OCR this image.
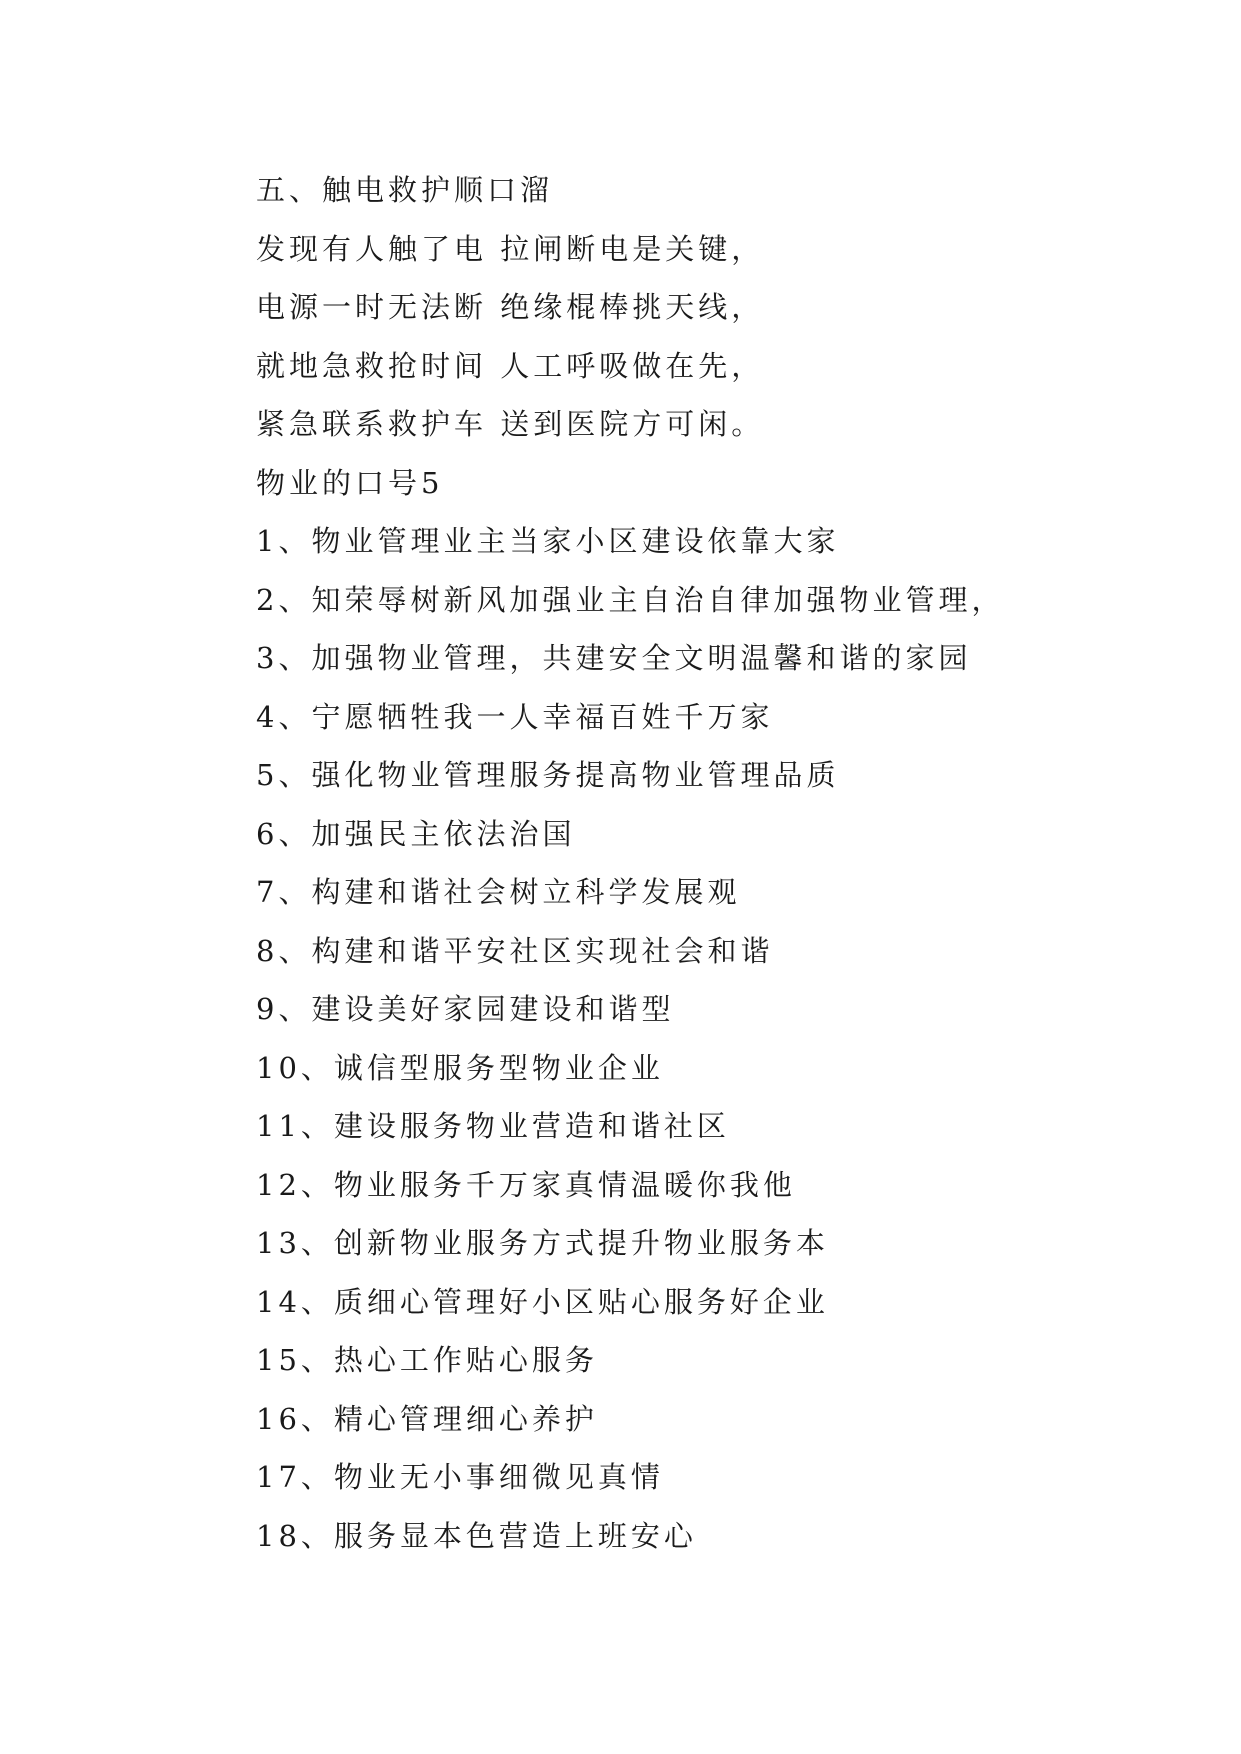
五、触电救护顺口溜

发现有人触了电 拉闸断电是关键，

电源一时无法断 绝缘棍棒挑天线，

就地急救抢时间 人工呼吸做在先，

紧急联系救护车 送到医院方可闲。

物业的口号5

1、物业管理业主当家小区建设依靠大家

2、知荣辱树新风加强业主自治自律加强物业管理，

3、加强物业管理，共建安全文明温馨和谐的家园

4、宁愿牺牲我一人幸福百姓千万家

5、强化物业管理服务提高物业管理品质

6、加强民主依法治国

7、构建和谐社会树立科学发展观

8、构建和谐平安社区实现社会和谐

9、建设美好家园建设和谐型

10、诚信型服务型物业企业

11、建设服务物业营造和谐社区

12、物业服务千万家真情温暖你我他

13、创新物业服务方式提升物业服务本

14、质细心管理好小区贴心服务好企业

15、热心工作贴心服务

16、精心管理细心养护

17、物业无小事细微见真情

18、服务显本色营造上班安心
